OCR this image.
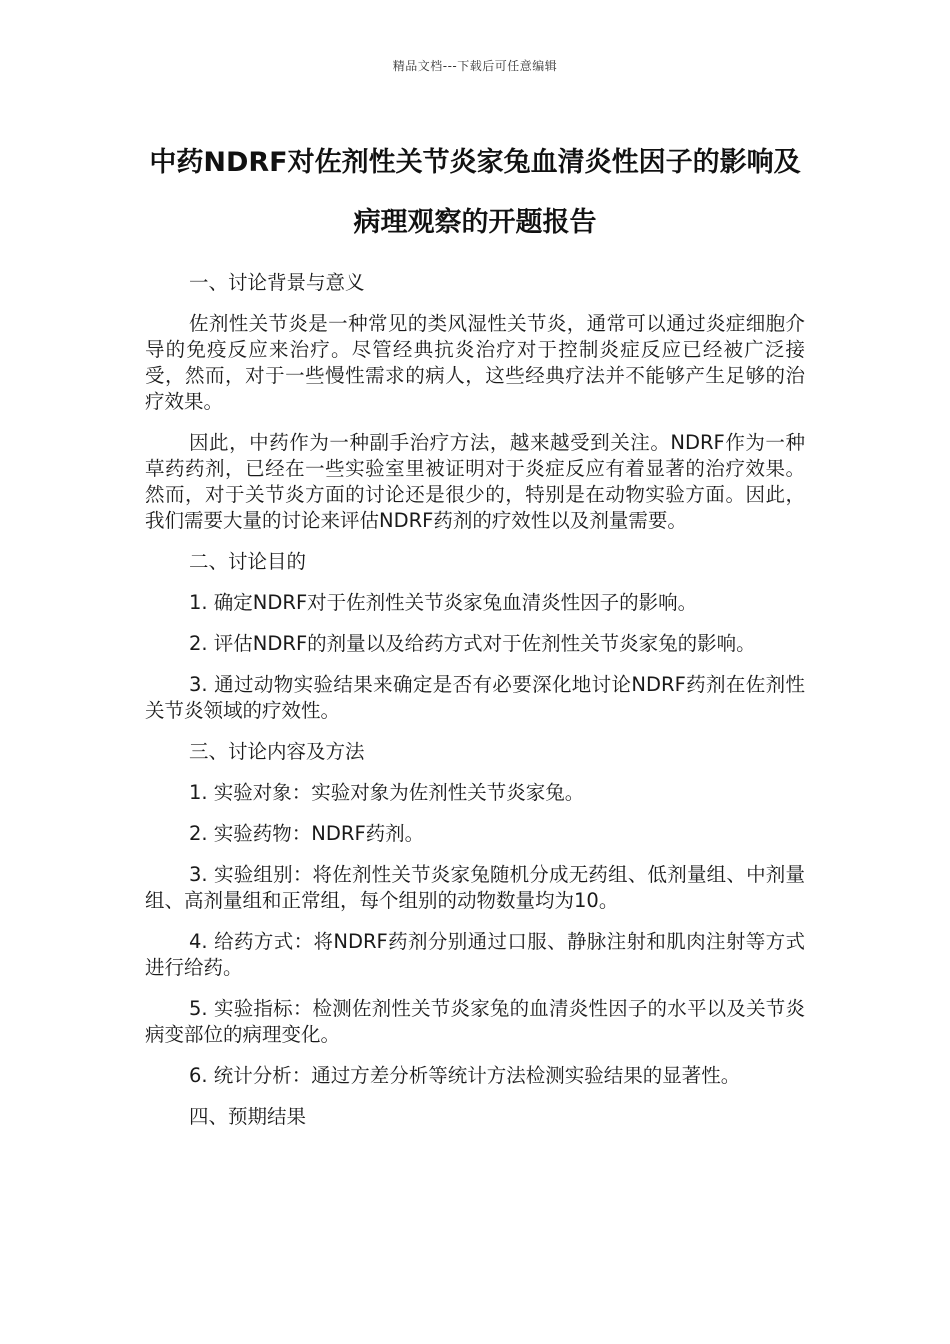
精品文档---下载后可任意编辑
中药NDRF对佐剂性关节炎家兔血清炎性因子的影响及病理观察的开题报告

一、讨论背景与意义

佐剂性关节炎是一种常见的类风湿性关节炎，通常可以通过炎症细胞介导的免疫反应来治疗。尽管经典抗炎治疗对于控制炎症反应已经被广泛接受，然而，对于一些慢性需求的病人，这些经典疗法并不能够产生足够的治疗效果。

因此，中药作为一种副手治疗方法，越来越受到关注。NDRF作为一种草药药剂，已经在一些实验室里被证明对于炎症反应有着显著的治疗效果。然而，对于关节炎方面的讨论还是很少的，特别是在动物实验方面。因此，我们需要大量的讨论来评估NDRF药剂的疗效性以及剂量需要。

二、讨论目的

1. 确定NDRF对于佐剂性关节炎家兔血清炎性因子的影响。

2. 评估NDRF的剂量以及给药方式对于佐剂性关节炎家兔的影响。

3. 通过动物实验结果来确定是否有必要深化地讨论NDRF药剂在佐剂性关节炎领域的疗效性。

三、讨论内容及方法

1. 实验对象：实验对象为佐剂性关节炎家兔。

2. 实验药物：NDRF药剂。

3. 实验组别：将佐剂性关节炎家兔随机分成无药组、低剂量组、中剂量组、高剂量组和正常组，每个组别的动物数量均为10。

4. 给药方式：将NDRF药剂分别通过口服、静脉注射和肌肉注射等方式进行给药。

5. 实验指标：检测佐剂性关节炎家兔的血清炎性因子的水平以及关节炎病变部位的病理变化。

6. 统计分析：通过方差分析等统计方法检测实验结果的显著性。

四、预期结果
